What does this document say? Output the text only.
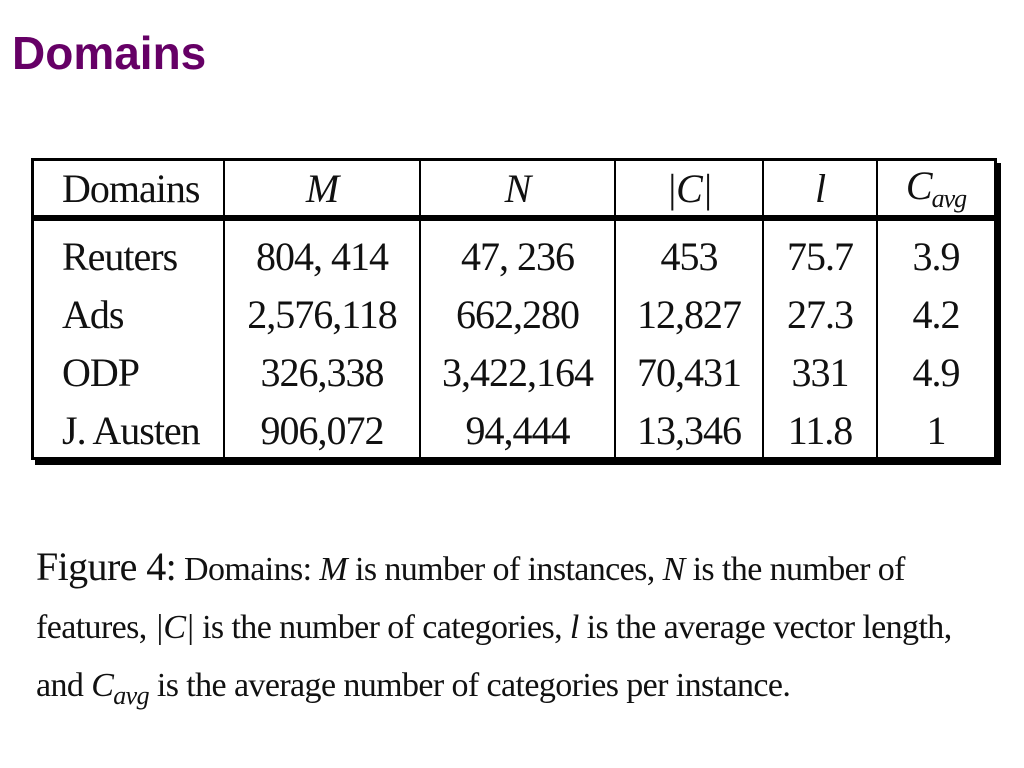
Domains
Domains	M	N	|C|	l	$C_{avg}$
Reuters	804, 414	47, 236	453	75.7	3.9
Ads	2,576,118	662,280	12,827	27.3	4.2
ODP	326,338	3,422,164	70,431	331	4.9
J. Austen	906,072	94,444	13,346	11.8	1
Figure 4: Domains: M is number of instances, N is the number of features, |C| is the number of categories, l is the average vector length, and $C_{avg}$ is the average number of categories per instance.
